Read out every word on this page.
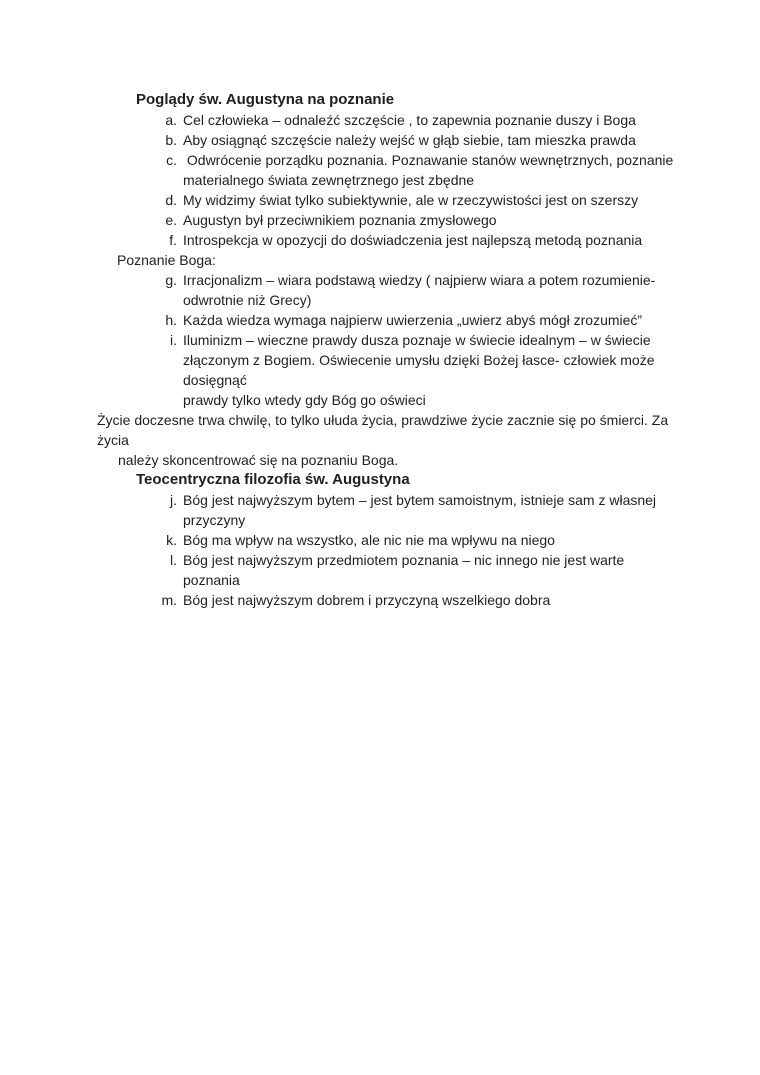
Poglądy św. Augustyna na poznanie
a. Cel człowieka – odnaleźć szczęście , to zapewnia poznanie duszy i Boga
b. Aby osiągnąć szczęście należy wejść w głąb siebie, tam mieszka prawda
c. Odwrócenie porządku poznania. Poznawanie stanów wewnętrznych, poznanie
materialnego świata zewnętrznego jest zbędne
d. My widzimy świat tylko subiektywnie, ale w rzeczywistości jest on szerszy
e. Augustyn był przeciwnikiem poznania zmysłowego
f. Introspekcja w opozycji do doświadczenia jest najlepszą metodą poznania
Poznanie Boga:
g. Irracjonalizm – wiara podstawą wiedzy ( najpierw wiara a potem rozumienie-
odwrotnie niż Grecy)
h. Każda wiedza wymaga najpierw uwierzenia „uwierz abyś mógł zrozumieć”
i. Iluminizm – wieczne prawdy dusza poznaje w świecie idealnym – w świecie
złączonym z Bogiem. Oświecenie umysłu dzięki Bożej łasce- człowiek może dosięgnąć
prawdy tylko wtedy gdy Bóg go oświeci
Życie doczesne trwa chwilę, to tylko ułuda życia, prawdziwe życie zacznie się po śmierci. Za życia
należy skoncentrować się na poznaniu Boga.
Teocentryczna filozofia św. Augustyna
j. Bóg jest najwyższym bytem – jest bytem samoistnym, istnieje sam z własnej
przyczyny
k. Bóg ma wpływ na wszystko, ale nic nie ma wpływu na niego
l. Bóg jest najwyższym przedmiotem poznania – nic innego nie jest warte poznania
m. Bóg jest najwyższym dobrem i przyczyną wszelkiego dobra
